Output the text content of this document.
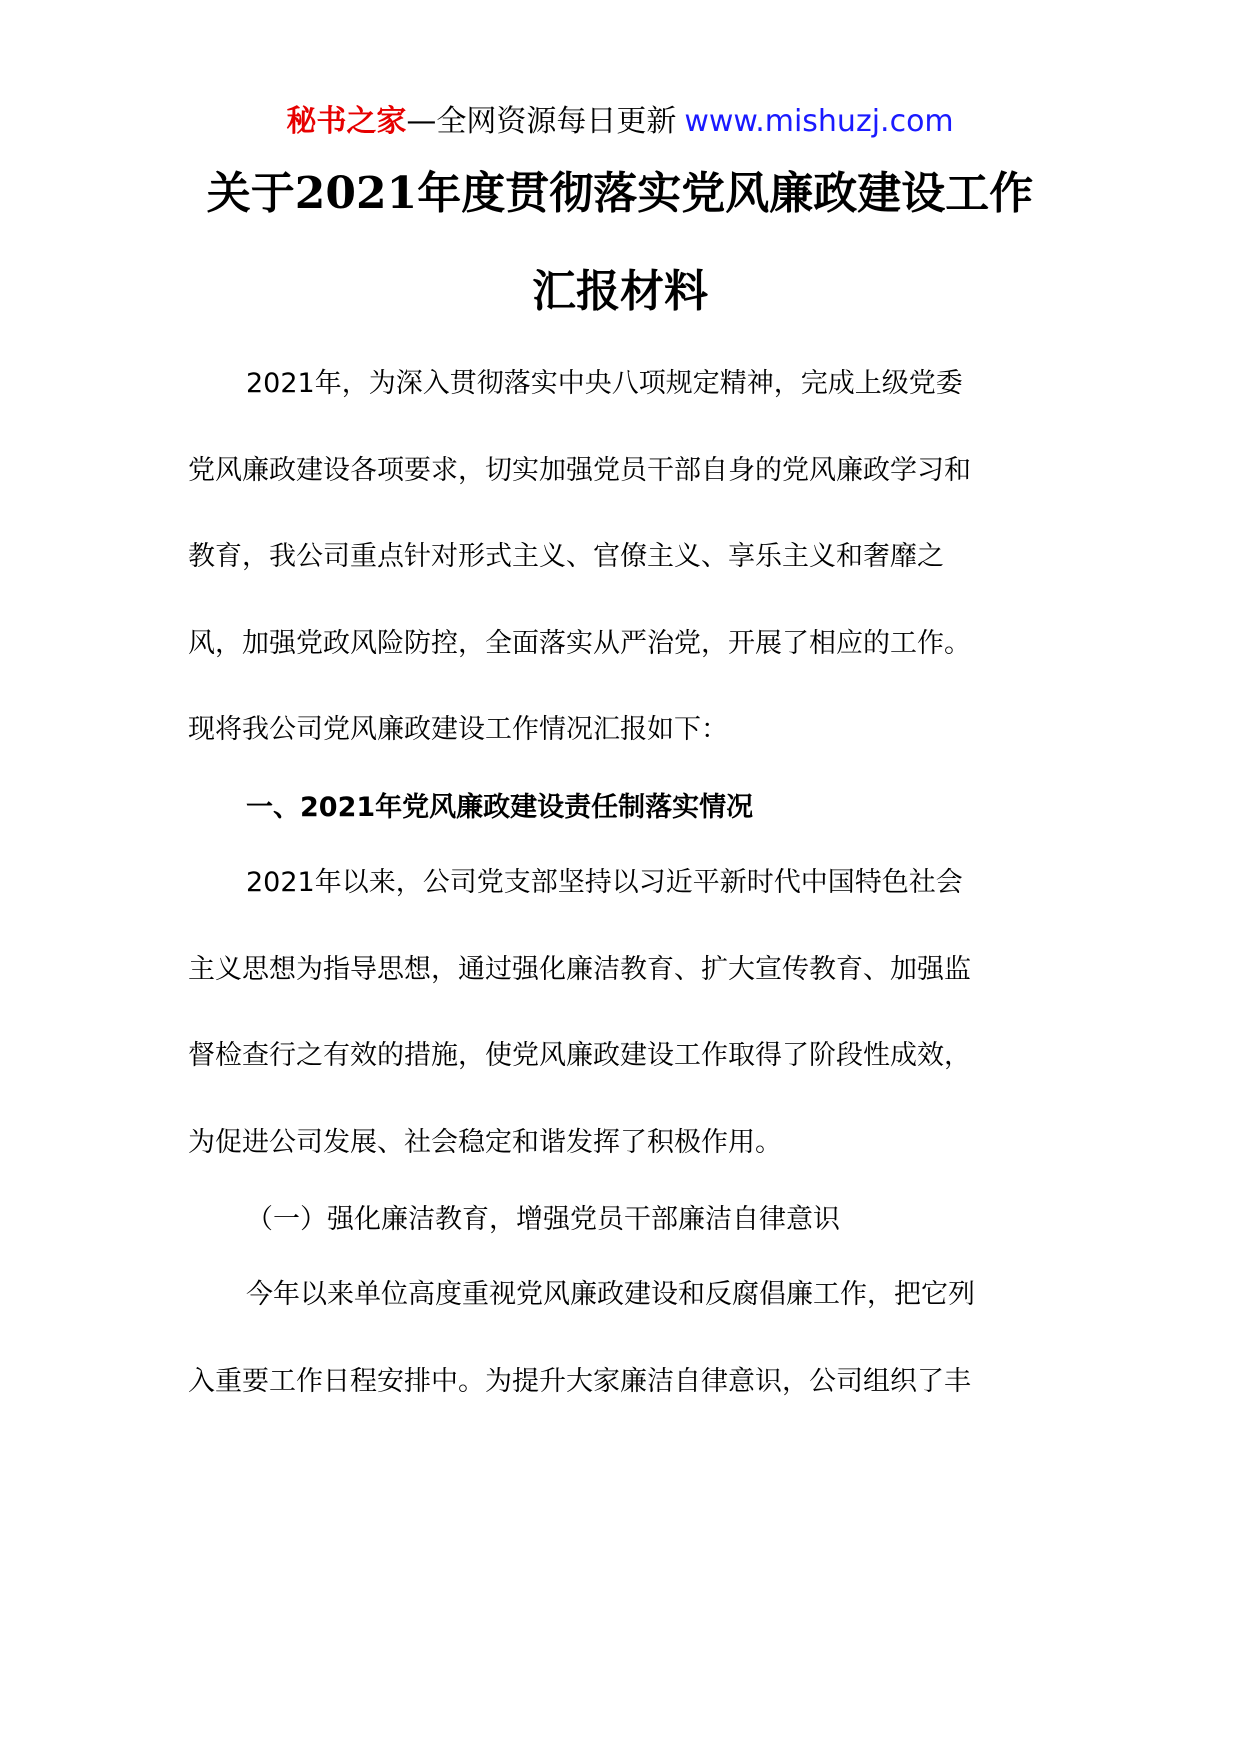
秘书之家—全网资源每日更新 www.mishuzj.com
关于2021年度贯彻落实党风廉政建设工作
汇报材料
2021年，为深入贯彻落实中央八项规定精神，完成上级党委
党风廉政建设各项要求，切实加强党员干部自身的党风廉政学习和
教育，我公司重点针对形式主义、官僚主义、享乐主义和奢靡之
风，加强党政风险防控，全面落实从严治党，开展了相应的工作。
现将我公司党风廉政建设工作情况汇报如下：
一、2021年党风廉政建设责任制落实情况
2021年以来，公司党支部坚持以习近平新时代中国特色社会
主义思想为指导思想，通过强化廉洁教育、扩大宣传教育、加强监
督检查行之有效的措施，使党风廉政建设工作取得了阶段性成效，
为促进公司发展、社会稳定和谐发挥了积极作用。
（一）强化廉洁教育，增强党员干部廉洁自律意识
今年以来单位高度重视党风廉政建设和反腐倡廉工作，把它列
入重要工作日程安排中。为提升大家廉洁自律意识，公司组织了丰
